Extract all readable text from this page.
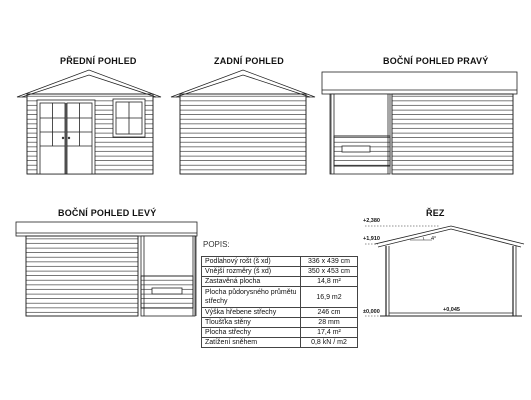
PŘEDNÍ POHLED	ZADNÍ POHLED	BOČNÍ POHLED PRAVÝ
BOČNÍ POHLED LEVÝ	ŘEZ
+2,380
+1,910
±0,000	+0,045
4°
POPIS:
Podlahový rošt (š xd)	336 x 439 cm
Vnější rozměry (š xd)	350 x 453 cm
Zastavěná plocha	14,8 m²
Plocha půdorysného průmětu střechy	16,9 m2
Výška hřebene střechy	246 cm
Tloušťka stěny	28 mm
Plocha střechy	17,4 m²
Zatížení sněhem	0,8 kN / m2
